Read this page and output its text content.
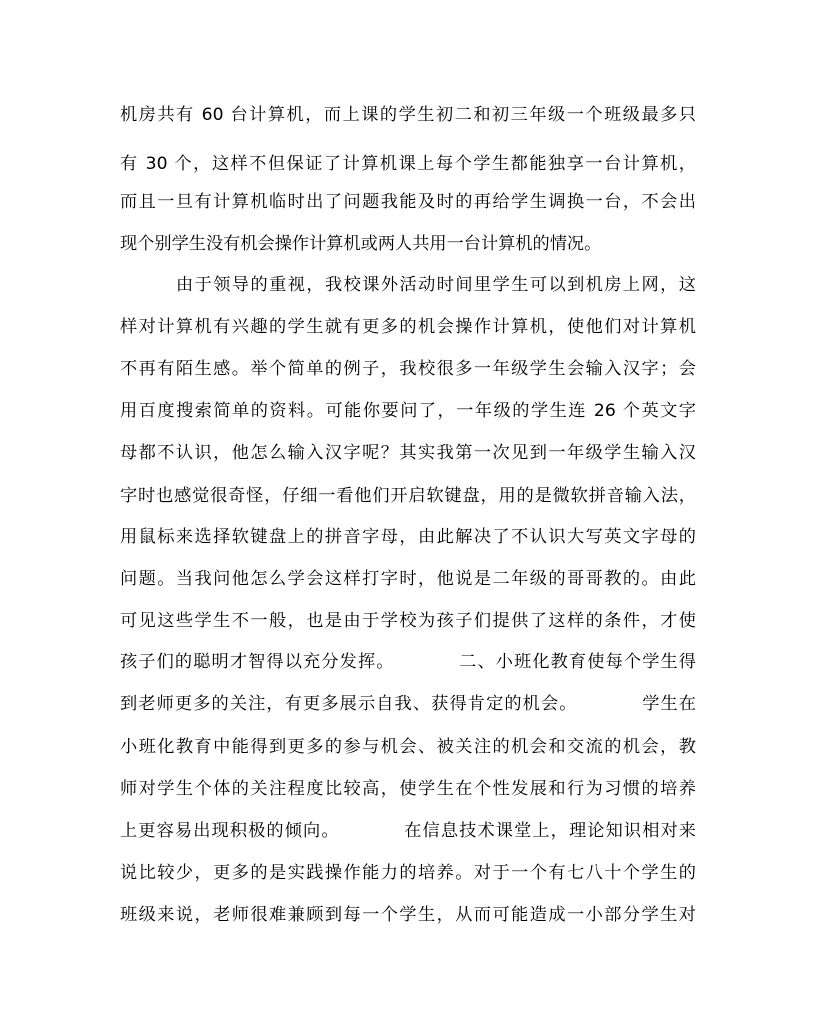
机房共有 60 台计算机，而上课的学生初二和初三年级一个班级最多只
有 30 个，这样不但保证了计算机课上每个学生都能独享一台计算机，
而且一旦有计算机临时出了问题我能及时的再给学生调换一台，不会出
现个别学生没有机会操作计算机或两人共用一台计算机的情况。
由于领导的重视，我校课外活动时间里学生可以到机房上网，这
样对计算机有兴趣的学生就有更多的机会操作计算机，使他们对计算机
不再有陌生感。举个简单的例子，我校很多一年级学生会输入汉字；会
用百度搜索简单的资料。可能你要问了，一年级的学生连 26 个英文字
母都不认识，他怎么输入汉字呢？其实我第一次见到一年级学生输入汉
字时也感觉很奇怪，仔细一看他们开启软键盘，用的是微软拼音输入法，
用鼠标来选择软键盘上的拼音字母，由此解决了不认识大写英文字母的
问题。当我问他怎么学会这样打字时，他说是二年级的哥哥教的。由此
可见这些学生不一般，也是由于学校为孩子们提供了这样的条件，才使
孩子们的聪明才智得以充分发挥。　　　　二、小班化教育使每个学生得
到老师更多的关注，有更多展示自我、获得肯定的机会。　　　　学生在
小班化教育中能得到更多的参与机会、被关注的机会和交流的机会，教
师对学生个体的关注程度比较高，使学生在个性发展和行为习惯的培养
上更容易出现积极的倾向。　　　　在信息技术课堂上，理论知识相对来
说比较少，更多的是实践操作能力的培养。对于一个有七八十个学生的
班级来说，老师很难兼顾到每一个学生，从而可能造成一小部分学生对
